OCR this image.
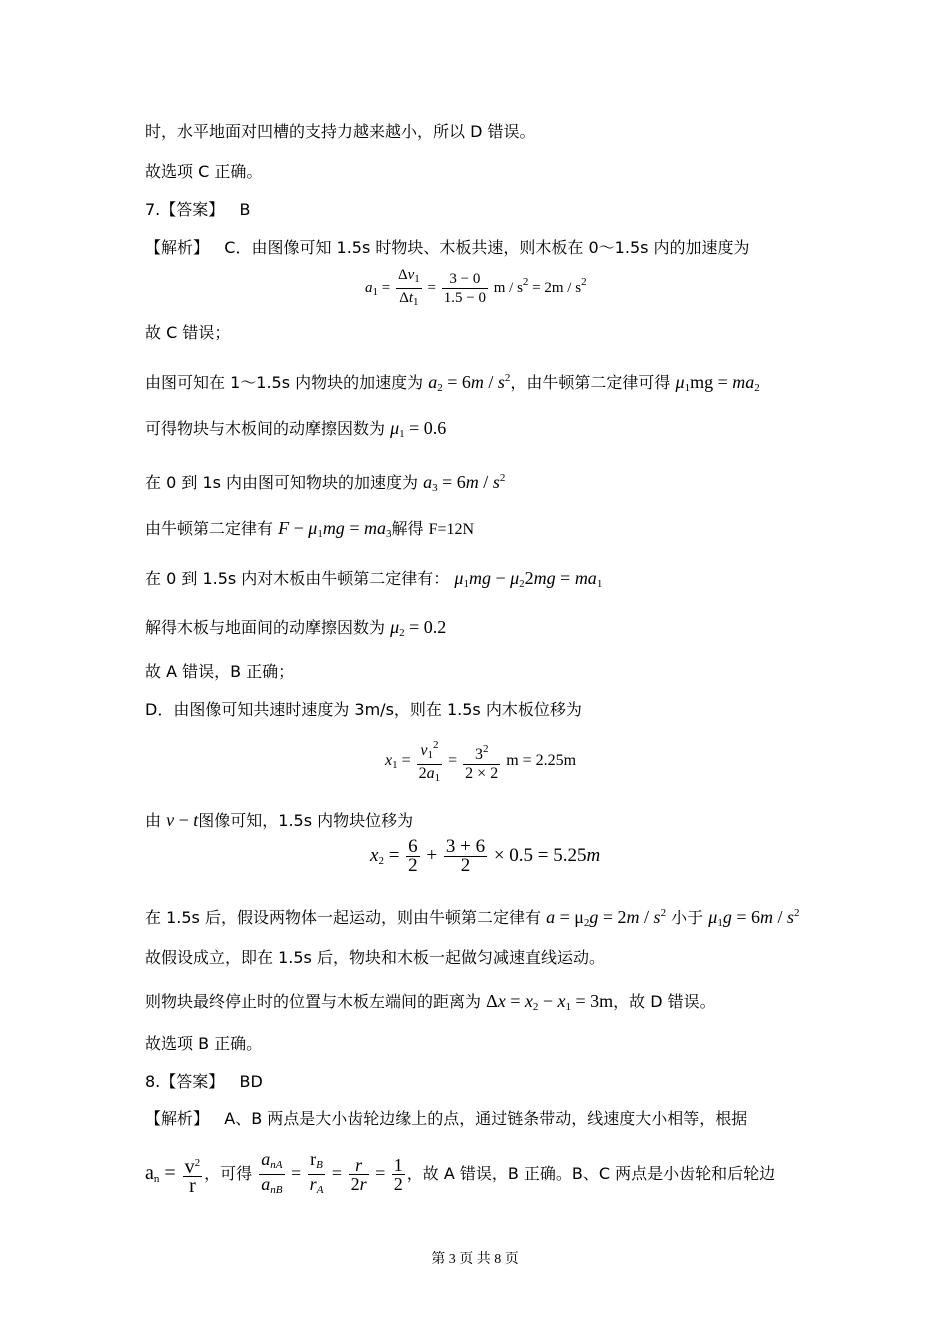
时，水平地面对凹槽的支持力越来越小，所以 D 错误。
故选项 C 正确。
7.【答案】 B
【解析】 C．由图像可知 1.5s 时物块、木板共速，则木板在 0～1.5s 内的加速度为
$a_1 = \frac{\Delta v_1}{\Delta t_1} = \frac{3 - 0}{1.5 - 0}$ $m / s^2 = 2m / s^2$
故 C 错误；
由图可知在 1～1.5s 内物块的加速度为 $a_2 = 6m / s^2$，由牛顿第二定律可得 $\mu_1mg = ma_2$
可得物块与木板间的动摩擦因数为 $\mu_1 = 0.6$
在 0 到 1s 内由图可知物块的加速度为 $a_3 = 6m / s^2$
由牛顿第二定律有 $F - \mu_1mg = ma_3$解得 F=12N
在 0 到 1.5s 内对木板由牛顿第二定律有： $\mu_1mg - \mu_22mg = ma_1$
解得木板与地面间的动摩擦因数为 $\mu_2 = 0.2$
故 A 错误，B 正确；
D．由图像可知共速时速度为 3m/s，则在 1.5s 内木板位移为
$x_1 = \frac{v_1^2}{2a_1} = \frac{3^2}{2 \times 2}$ m = 2.25m
由 v − t图像可知，1.5s 内物块位移为
$x_2 = \frac{6}{2} + \frac{3 + 6}{2} \times 0.5 = 5.25m$
在 1.5s 后，假设两物体一起运动，则由牛顿第二定律有 $a = \mu_2g = 2m / s^2$ 小于 $\mu_1g = 6m / s^2$
故假设成立，即在 1.5s 后，物块和木板一起做匀减速直线运动。
则物块最终停止时的位置与木板左端间的距离为 $\Delta x = x_2 - x_1 = 3m$，故 D 错误。
故选项 B 正确。
8.【答案】 BD
【解析】 A、B 两点是大小齿轮边缘上的点，通过链条带动，线速度大小相等，根据
$a_n = \frac{v^2}{r}$ ，可得 $\frac{a_{nA}}{a_{nB}} = \frac{r_B}{r_A} = \frac{r}{2r} = \frac{1}{2}$ ，故 A 错误，B 正确。B、C 两点是小齿轮和后轮边
第 3 页 共 8 页
